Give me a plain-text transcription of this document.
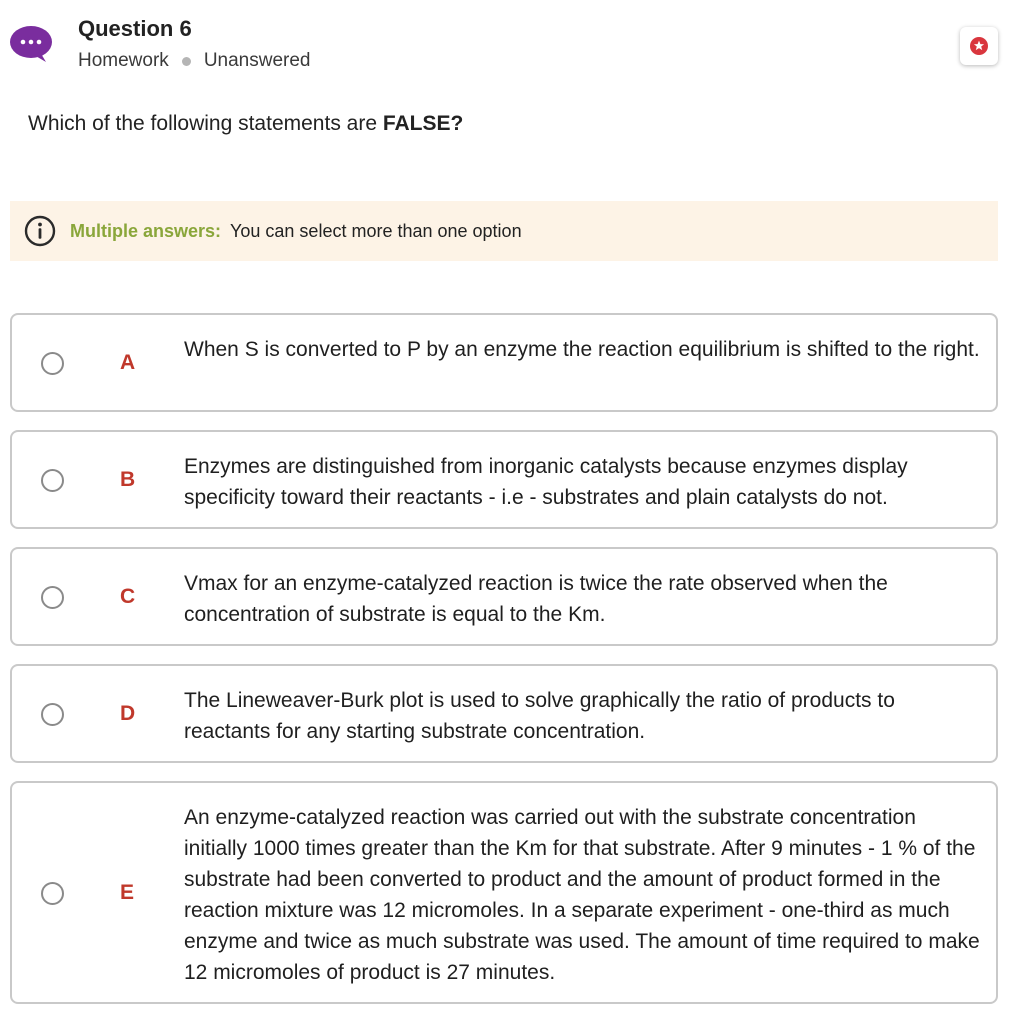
Question 6
Homework Unanswered
Which of the following statements are FALSE?
Multiple answers: You can select more than one option
A
When S is converted to P by an enzyme the reaction equilibrium is shifted to the right.
B
Enzymes are distinguished from inorganic catalysts because enzymes display specificity toward their reactants - i.e - substrates and plain catalysts do not.
C
Vmax for an enzyme-catalyzed reaction is twice the rate observed when the concentration of substrate is equal to the Km.
D
The Lineweaver-Burk plot is used to solve graphically the ratio of products to reactants for any starting substrate concentration.
E
An enzyme-catalyzed reaction was carried out with the substrate concentration initially 1000 times greater than the Km for that substrate. After 9 minutes - 1 % of the substrate had been converted to product and the amount of product formed in the reaction mixture was 12 micromoles. In a separate experiment - one-third as much enzyme and twice as much substrate was used. The amount of time required to make 12 micromoles of product is 27 minutes.
